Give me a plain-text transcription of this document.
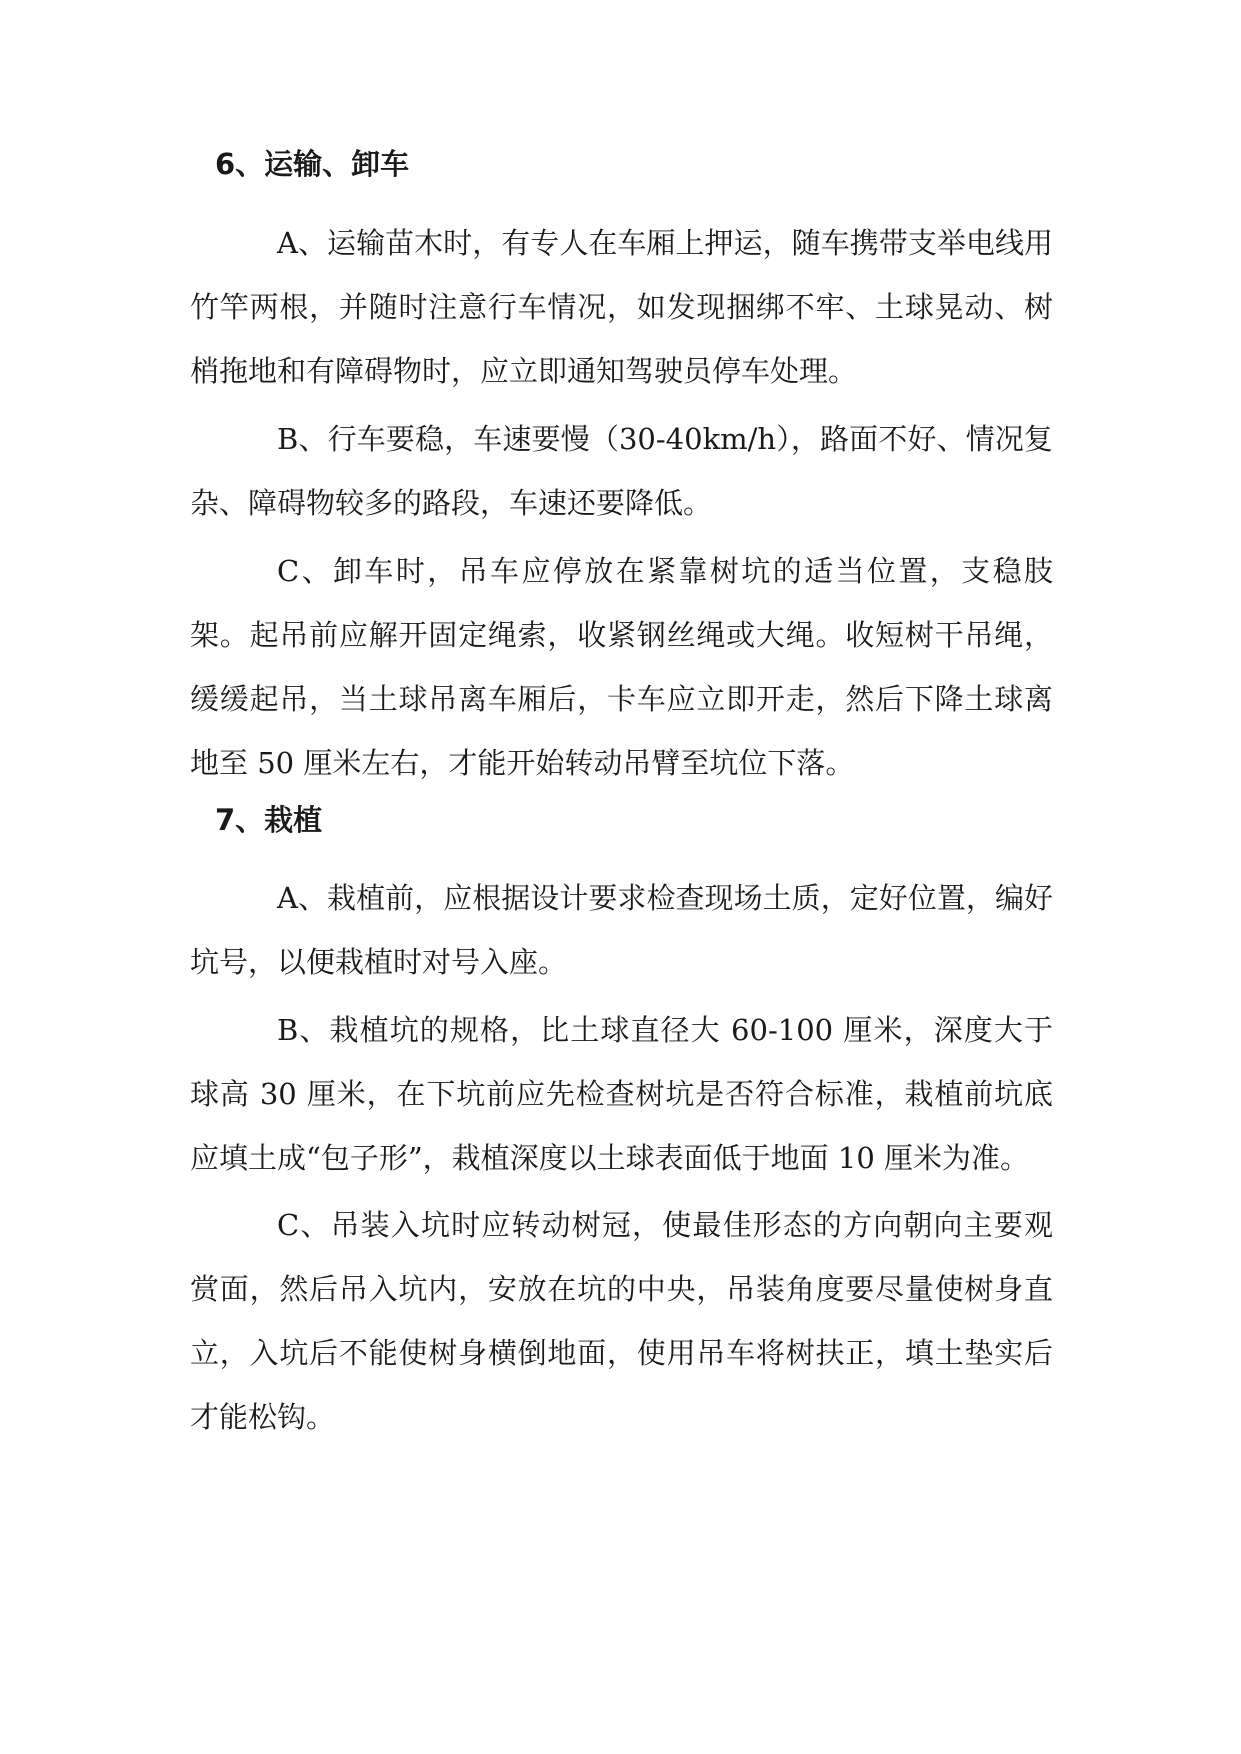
6、运输、卸车

A、运输苗木时，有专人在车厢上押运，随车携带支举电线用竹竿两根，并随时注意行车情况，如发现捆绑不牢、土球晃动、树梢拖地和有障碍物时，应立即通知驾驶员停车处理。

B、行车要稳，车速要慢（30-40km/h），路面不好、情况复杂、障碍物较多的路段，车速还要降低。

C、卸车时，吊车应停放在紧靠树坑的适当位置，支稳肢架。起吊前应解开固定绳索，收紧钢丝绳或大绳。收短树干吊绳，缓缓起吊，当土球吊离车厢后，卡车应立即开走，然后下降土球离地至 50 厘米左右，才能开始转动吊臂至坑位下落。

7、栽植

A、栽植前，应根据设计要求检查现场土质，定好位置，编好坑号，以便栽植时对号入座。

B、栽植坑的规格，比土球直径大 60-100 厘米，深度大于球高 30 厘米，在下坑前应先检查树坑是否符合标准，栽植前坑底应填土成“包子形”，栽植深度以土球表面低于地面 10 厘米为准。

C、吊装入坑时应转动树冠，使最佳形态的方向朝向主要观赏面，然后吊入坑内，安放在坑的中央，吊装角度要尽量使树身直立，入坑后不能使树身横倒地面，使用吊车将树扶正，填土垫实后才能松钩。
